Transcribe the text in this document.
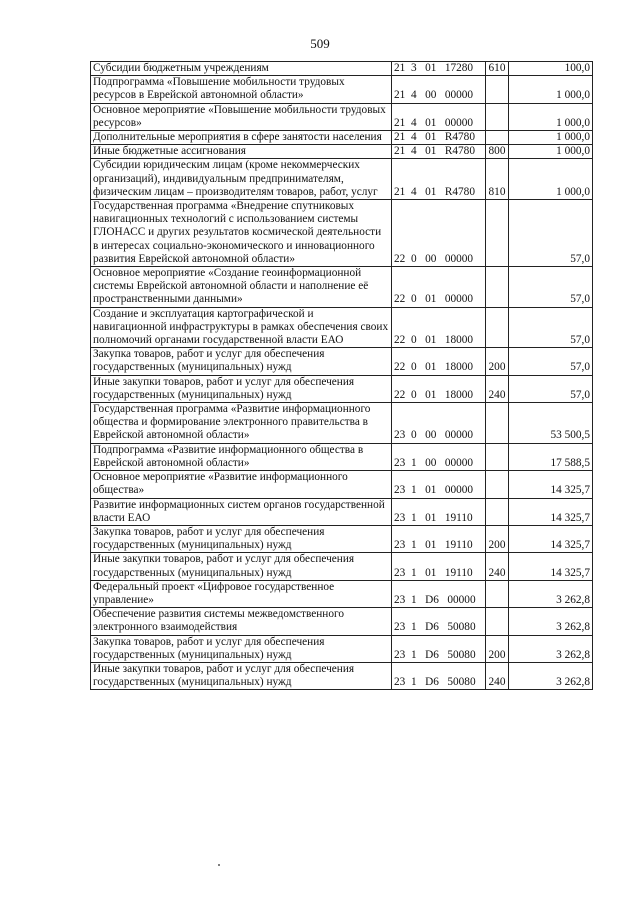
509
Субсидии бюджетным учреждениям	21  3   01   17280	610	100,0
Подпрограмма «Повышение мобильности трудовых ресурсов в Еврейской автономной области»	21  4   00   00000		1 000,0
Основное мероприятие «Повышение мобильности трудовых ресурсов»	21  4   01   00000		1 000,0
Дополнительные мероприятия в сфере занятости населения	21  4   01   R4780		1 000,0
Иные бюджетные ассигнования	21  4   01   R4780	800	1 000,0
Субсидии юридическим лицам (кроме некоммерческих организаций), индивидуальным предпринимателям, физическим лицам – производителям товаров, работ, услуг	21  4   01   R4780	810	1 000,0
Государственная программа «Внедрение спутниковых навигационных технологий с использованием системы ГЛОНАСС и других результатов космической деятельности в интересах социально-экономического и инновационного развития Еврейской автономной области»	22  0   00   00000		57,0
Основное мероприятие «Создание геоинформационной системы Еврейской автономной области и наполнение её пространственными данными»	22  0   01   00000		57,0
Создание и эксплуатация картографической и навигационной инфраструктуры в рамках обеспечения своих полномочий органами государственной власти ЕАО	22  0   01   18000		57,0
Закупка товаров, работ и услуг для обеспечения государственных (муниципальных) нужд	22  0   01   18000	200	57,0
Иные закупки товаров, работ и услуг для обеспечения государственных (муниципальных) нужд	22  0   01   18000	240	57,0
Государственная программа «Развитие информационного общества и формирование электронного правительства в Еврейской автономной области»	23  0   00   00000		53 500,5
Подпрограмма «Развитие информационного общества в Еврейской автономной области»	23  1   00   00000		17 588,5
Основное мероприятие «Развитие информационного общества»	23  1   01   00000		14 325,7
Развитие информационных систем органов государственной власти ЕАО	23  1   01   19110		14 325,7
Закупка товаров, работ и услуг для обеспечения государственных (муниципальных) нужд	23  1   01   19110	200	14 325,7
Иные закупки товаров, работ и услуг для обеспечения государственных (муниципальных) нужд	23  1   01   19110	240	14 325,7
Федеральный проект «Цифровое государственное управление»	23  1   D6   00000		3 262,8
Обеспечение развития системы межведомственного электронного взаимодействия	23  1   D6   50080		3 262,8
Закупка товаров, работ и услуг для обеспечения государственных (муниципальных) нужд	23  1   D6   50080	200	3 262,8
Иные закупки товаров, работ и услуг для обеспечения государственных (муниципальных) нужд	23  1   D6   50080	240	3 262,8
